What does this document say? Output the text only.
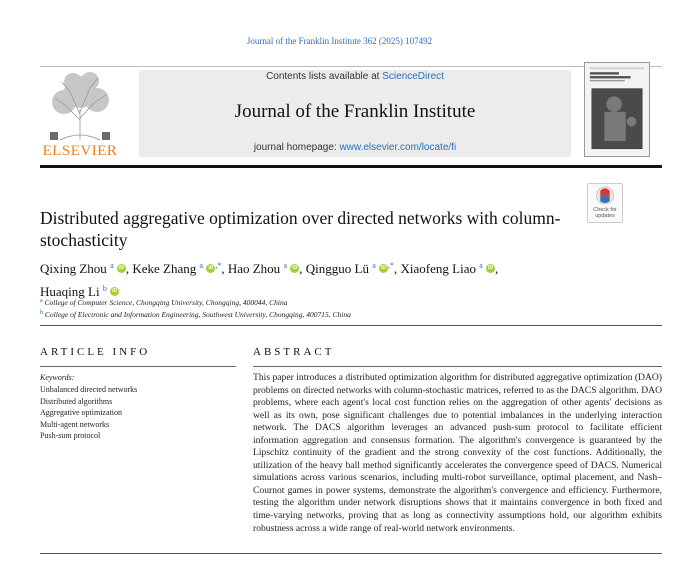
Journal of the Franklin Institute 362 (2025) 107492
ELSEVIER
Contents lists available at ScienceDirect
Journal of the Franklin Institute
journal homepage: www.elsevier.com/locate/fi
Check for
updates
Distributed aggregative optimization over directed networks with column-stochasticity
Qixing Zhou $^a$ iD , Keke Zhang $^a$ iD ,*, Hao Zhou $^a$ iD , Qingguo Lü $^a$ iD ,*, Xiaofeng Liao $^a$ iD ,
Huaqing Li $^b$ iD
$^a$ College of Computer Science, Chongqing University, Chongqing, 400044, China
$^b$ College of Electronic and Information Engineering, Southwest University, Chongqing, 400715, China
ARTICLE INFO
Keywords:
Unbalanced directed networks
Distributed algorithms
Aggregative optimization
Multi-agent networks
Push-sum protocol
ABSTRACT
This paper introduces a distributed optimization algorithm for distributed aggregative optimization (DAO) problems on directed networks with column-stochastic matrices, referred to as the DACS algorithm. DAO problems, where each agent's local cost function relies on the aggregation of other agents' decisions as well as its own, pose significant challenges due to potential imbalances in the underlying interaction network. The DACS algorithm leverages an advanced push-sum protocol to facilitate efficient information aggregation and consensus formation. The algorithm's convergence is guaranteed by the Lipschitz continuity of the gradient and the strong convexity of the cost functions. Additionally, the utilization of the heavy ball method significantly accelerates the convergence speed of DACS. Numerical simulations across various scenarios, including multi-robot surveillance, optimal placement, and Nash–Cournot games in power systems, demonstrate the algorithm's convergence and efficiency. Furthermore, testing the algorithm under network disruptions shows that it maintains convergence in both fixed and time-varying networks, proving that as long as connectivity assumptions hold, our algorithm exhibits robustness across a wide range of real-world network environments.
